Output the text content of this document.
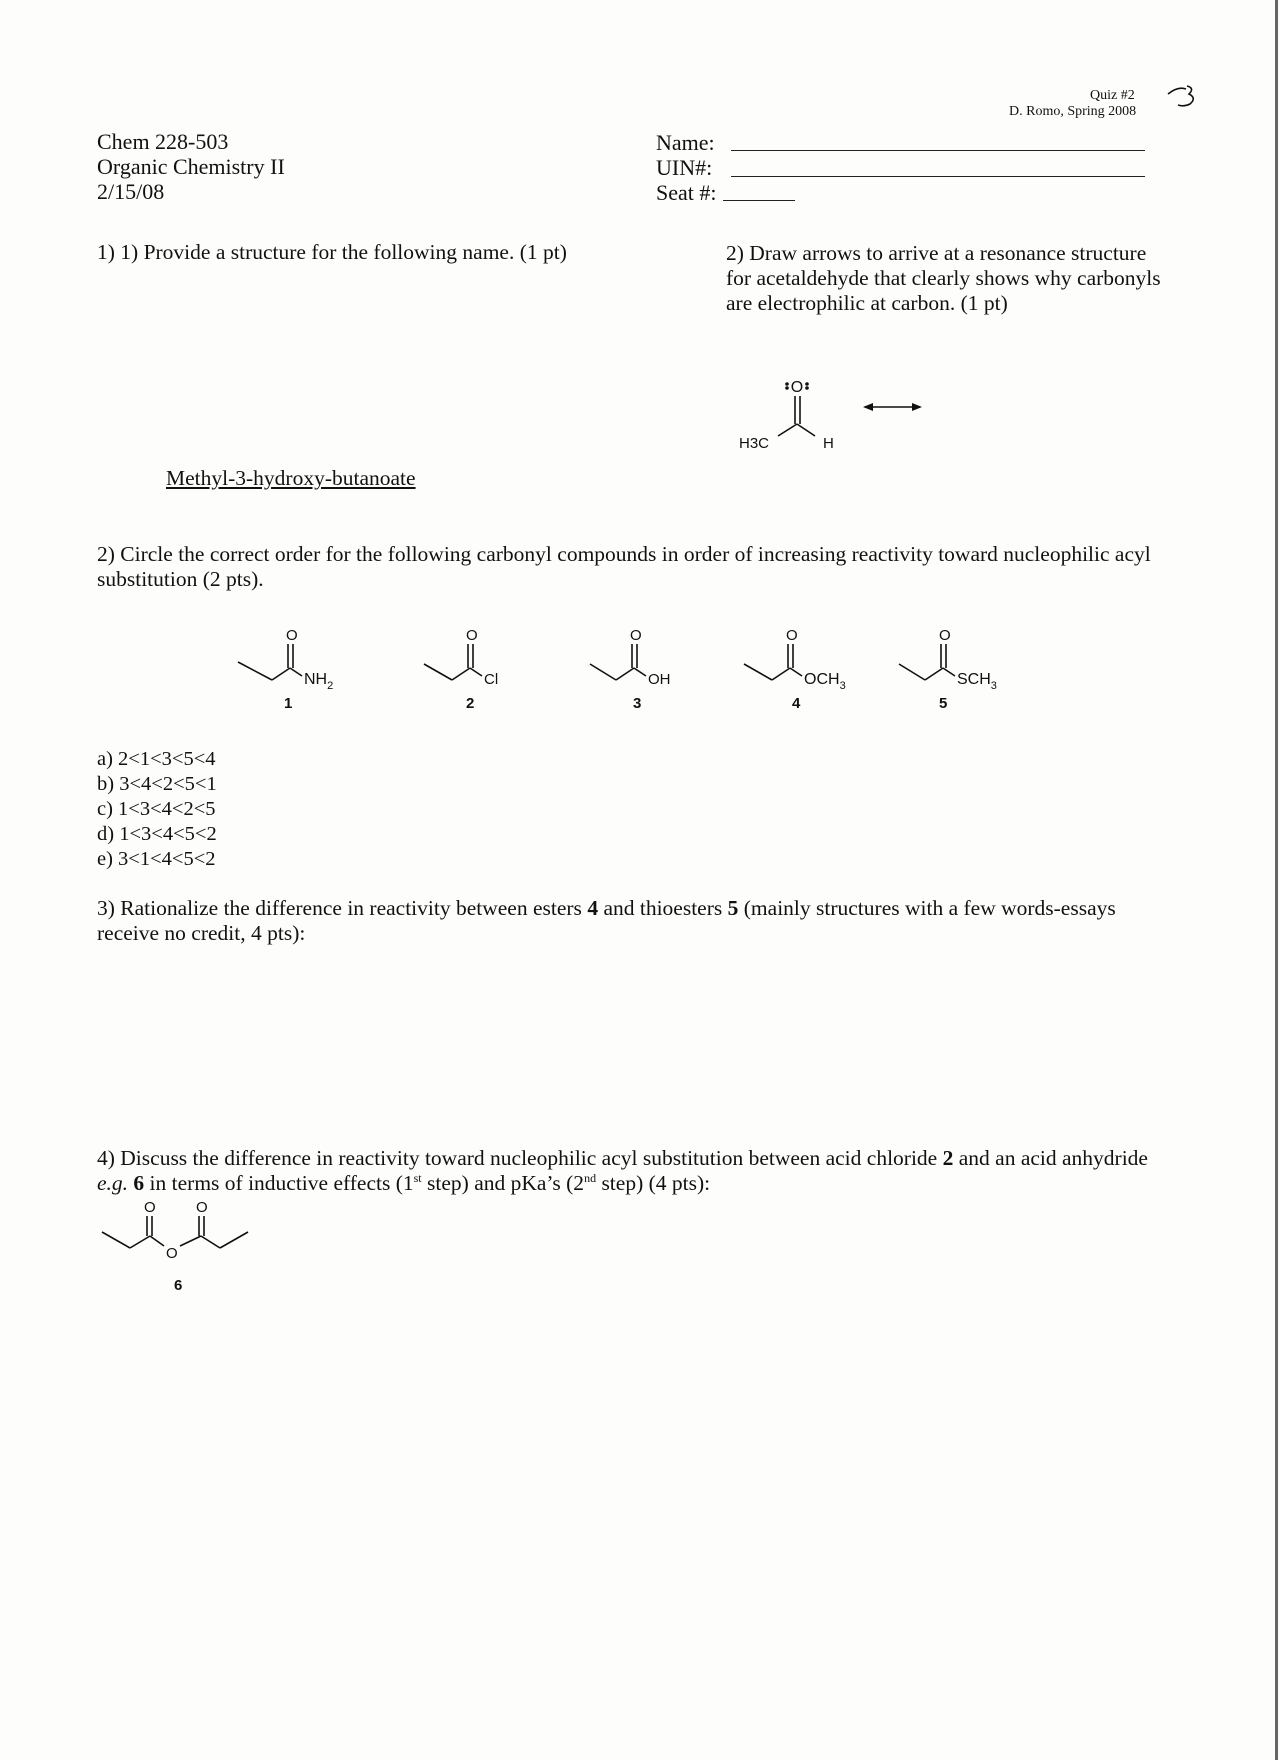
Quiz #2
D. Romo, Spring 2008
Chem 228-503
Organic Chemistry II
2/15/08
Name:
UIN#:
Seat #:
1) 1) Provide a structure for the following name. (1 pt)
Methyl-3-hydroxy-butanoate
2) Draw arrows to arrive at a resonance structure for acetaldehyde that clearly shows why carbonyls are electrophilic at carbon. (1 pt)
O
H3C	H
2) Circle the correct order for the following carbonyl compounds in order of increasing reactivity toward nucleophilic acyl substitution (2 pts).
O
$NH_2$
1
O
Cl
2
O
OH
3
O
$OCH_3$
4
O
$SCH_3$
5

a) 2<1<3<5<4

b) 3<4<2<5<1

c) 1<3<4<2<5

d) 1<3<4<5<2

e) 3<1<4<5<2

3) Rationalize the difference in reactivity between esters 4 and thioesters 5 (mainly structures with a few words-essays receive no credit, 4 pts):
4) Discuss the difference in reactivity toward nucleophilic acyl substitution between acid chloride 2 and an acid anhydride e.g. 6 in terms of inductive effects (1st step) and pKa’s (2nd step) (4 pts):
O	O
O
6
